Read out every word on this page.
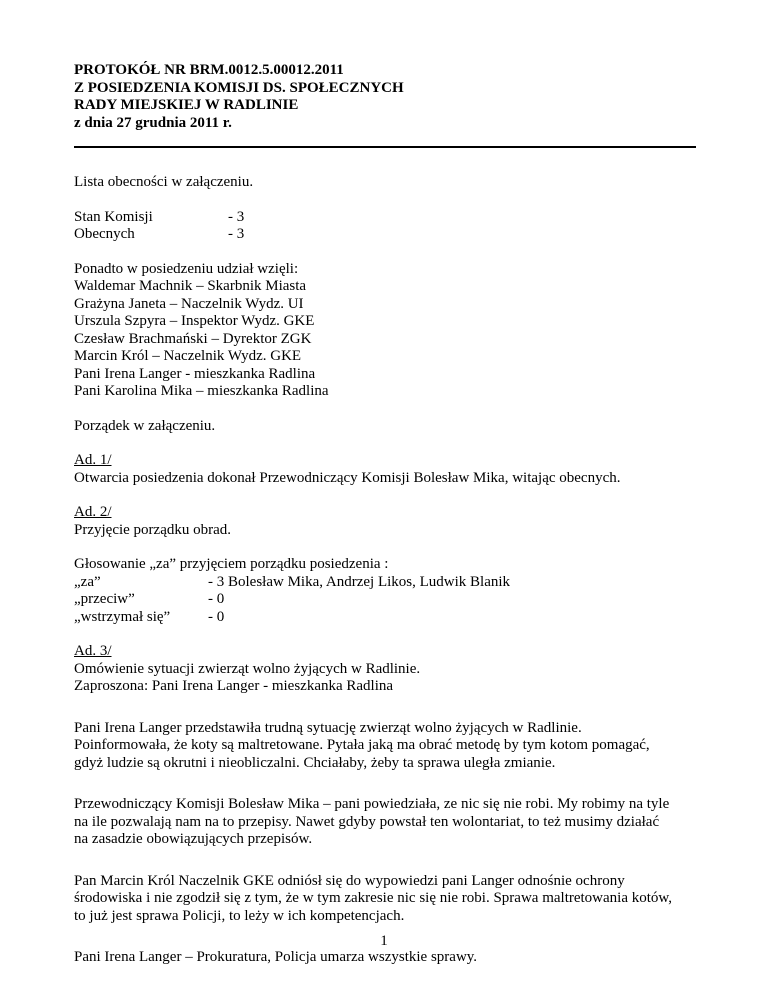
PROTOKÓŁ NR BRM.0012.5.00012.2011
Z POSIEDZENIA KOMISJI DS. SPOŁECZNYCH
RADY MIEJSKIEJ W RADLINIE
z dnia 27 grudnia 2011 r.
Lista obecności w załączeniu.
Stan Komisji	- 3
Obecnych	- 3
Ponadto w posiedzeniu udział wzięli:
Waldemar Machnik – Skarbnik Miasta
Grażyna Janeta – Naczelnik Wydz. UI
Urszula Szpyra – Inspektor Wydz. GKE
Czesław Brachmański – Dyrektor ZGK
Marcin Król – Naczelnik Wydz. GKE
Pani Irena Langer - mieszkanka Radlina
Pani Karolina Mika – mieszkanka Radlina
Porządek w załączeniu.
Ad. 1/
Otwarcia posiedzenia dokonał Przewodniczący Komisji Bolesław Mika, witając obecnych.
Ad. 2/
Przyjęcie porządku obrad.
Głosowanie „za” przyjęciem porządku posiedzenia :
„za”	- 3 Bolesław Mika, Andrzej Likos, Ludwik Blanik
„przeciw”	- 0
„wstrzymał się”	- 0
Ad. 3/
Omówienie sytuacji zwierząt wolno żyjących w Radlinie.
Zaproszona: Pani Irena Langer - mieszkanka Radlina
Pani Irena Langer przedstawiła trudną sytuację zwierząt wolno żyjących w Radlinie.
Poinformowała, że koty są maltretowane. Pytała jaką ma obrać metodę by tym kotom pomagać,
gdyż ludzie są okrutni i nieobliczalni. Chciałaby, żeby ta sprawa uległa zmianie.
Przewodniczący Komisji Bolesław Mika – pani powiedziała, ze nic się nie robi. My robimy na tyle
na ile pozwalają nam na to przepisy. Nawet gdyby powstał ten wolontariat, to też musimy działać
na zasadzie obowiązujących przepisów.
Pan Marcin Król Naczelnik GKE odniósł się do wypowiedzi pani Langer odnośnie ochrony
środowiska i nie zgodził się z tym, że w tym zakresie nic się nie robi. Sprawa maltretowania kotów,
to już jest sprawa Policji, to leży w ich kompetencjach.
Pani Irena Langer – Prokuratura, Policja umarza wszystkie sprawy.
1
